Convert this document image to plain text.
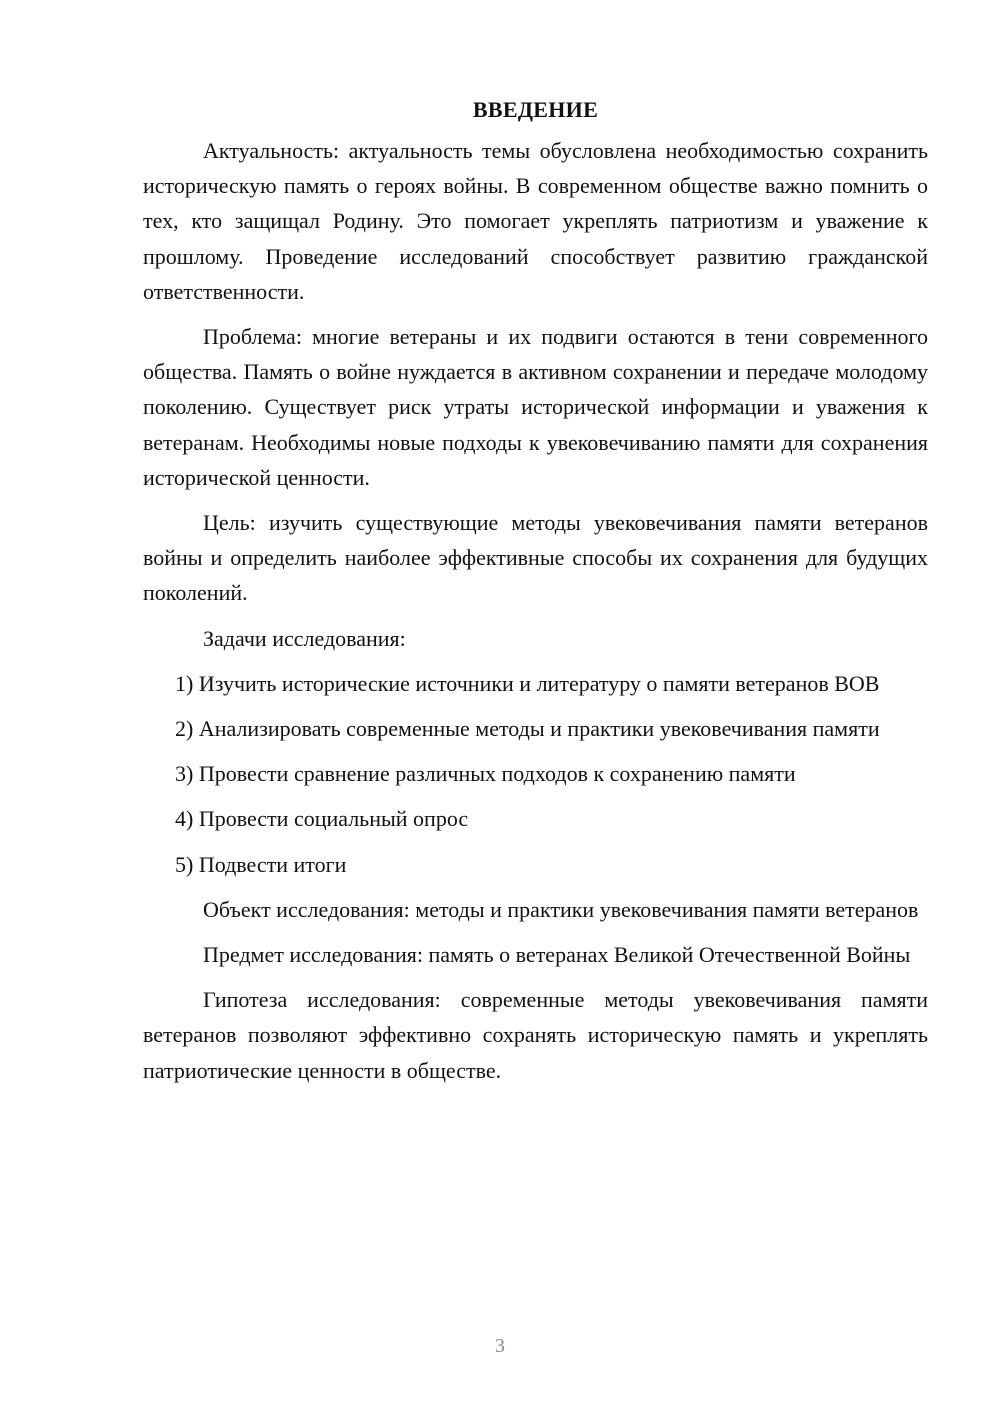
ВВЕДЕНИЕ

Актуальность: актуальность темы обусловлена необходимостью сохранить историческую память о героях войны. В современном обществе важно помнить о тех, кто защищал Родину. Это помогает укреплять патриотизм и уважение к прошлому. Проведение исследований способствует развитию гражданской ответственности.

Проблема: многие ветераны и их подвиги остаются в тени современного общества. Память о войне нуждается в активном сохранении и передаче молодому поколению. Существует риск утраты исторической информации и уважения к ветеранам. Необходимы новые подходы к увековечиванию памяти для сохранения исторической ценности.

Цель: изучить существующие методы увековечивания памяти ветеранов войны и определить наиболее эффективные способы их сохранения для будущих поколений.

Задачи исследования:

1) Изучить исторические источники и литературу о памяти ветеранов ВОВ

2) Анализировать современные методы и практики увековечивания памяти

3) Провести сравнение различных подходов к сохранению памяти

4) Провести социальный опрос

5) Подвести итоги

Объект исследования: методы и практики увековечивания памяти ветеранов

Предмет исследования: память о ветеранах Великой Отечественной Войны

Гипотеза исследования: современные методы увековечивания памяти ветеранов позволяют эффективно сохранять историческую память и укреплять патриотические ценности в обществе.

3
